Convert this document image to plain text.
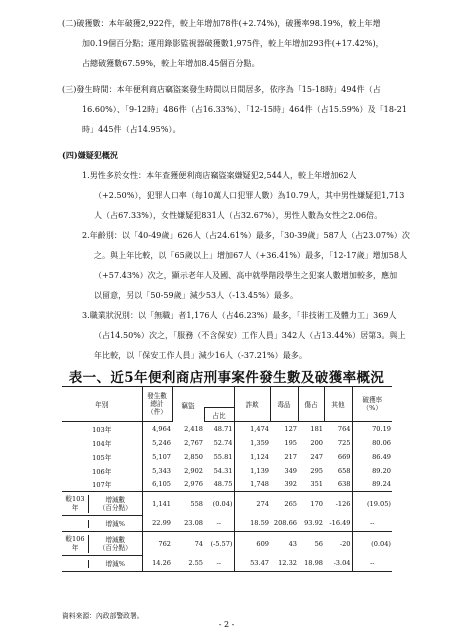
(二)破獲數：本年破獲2,922件，較上年增加78件(+2.74%)，破獲率98.19%，較上年增
加0.19個百分點；運用錄影監視器破獲數1,975件，較上年增加293件(+17.42%)，
占總破獲數67.59%，較上年增加8.45個百分點。
(三)發生時間：本年便利商店竊盜案發生時間以日間居多，依序為「15-18時」494件（占
16.60%）、「9-12時」486件（占16.33%）、「12-15時」464件（占15.59%）及「18-21
時」445件（占14.95%）。
(四)嫌疑犯概況
1.男性多於女性：本年查獲便利商店竊盜案嫌疑犯2,544人，較上年增加62人
（+2.50%），犯罪人口率（每10萬人口犯罪人數）為10.79人，其中男性嫌疑犯1,713
人（占67.33%），女性嫌疑犯831人（占32.67%），男性人數為女性之2.06倍。
2.年齡別：以「40-49歲」626人（占24.61%）最多，「30-39歲」587人（占23.07%）次
之。與上年比較，以「65歲以上」增加67人（+36.41%）最多，「12-17歲」增加58人
（+57.43%）次之，顯示老年人及國、高中就學階段學生之犯案人數增加較多，應加
以留意，另以「50-59歲」減少53人（-13.45%）最多。
3.職業狀況別：以「無職」者1,176人（占46.23%）最多，「非技術工及體力工」369人
（占14.50%）次之，「服務（不含保安）工作人員」342人（占13.44%）居第3。與上
年比較，以「保安工作人員」減少16人（-37.21%）最多。
表一、近5年便利商店刑事案件發生數及破獲率概況
年別	發生數
總計
（件）			詐欺	毒品	傷占	其他	破獲率
（%）
		竊盜	占比					
103年	4,964	2,418	48.71	1,474	127	181	764	70.19
104年	5,246	2,767	52.74	1,359	195	200	725	80.06
105年	5,107	2,850	55.81	1,124	217	247	669	86.49
106年	5,343	2,902	54.31	1,139	349	295	658	89.20
107年	6,105	2,976	48.75	1,748	392	351	638	89.24

較103
年
增減數
（百分點）	1,141	558	(0.04)	274	265	170	-126	(19.05)

增減%	22.99	23.08	--	18.59	208.66	93.92	-16.49	--

較106
年
增減數
（百分點）	762	74	(-5.57)	609	43	56	-20	(0.04)

增減%	14.26	2.55	--	53.47	12.32	18.98	-3.04	--
資料來源：內政部警政署。
- 2 -
